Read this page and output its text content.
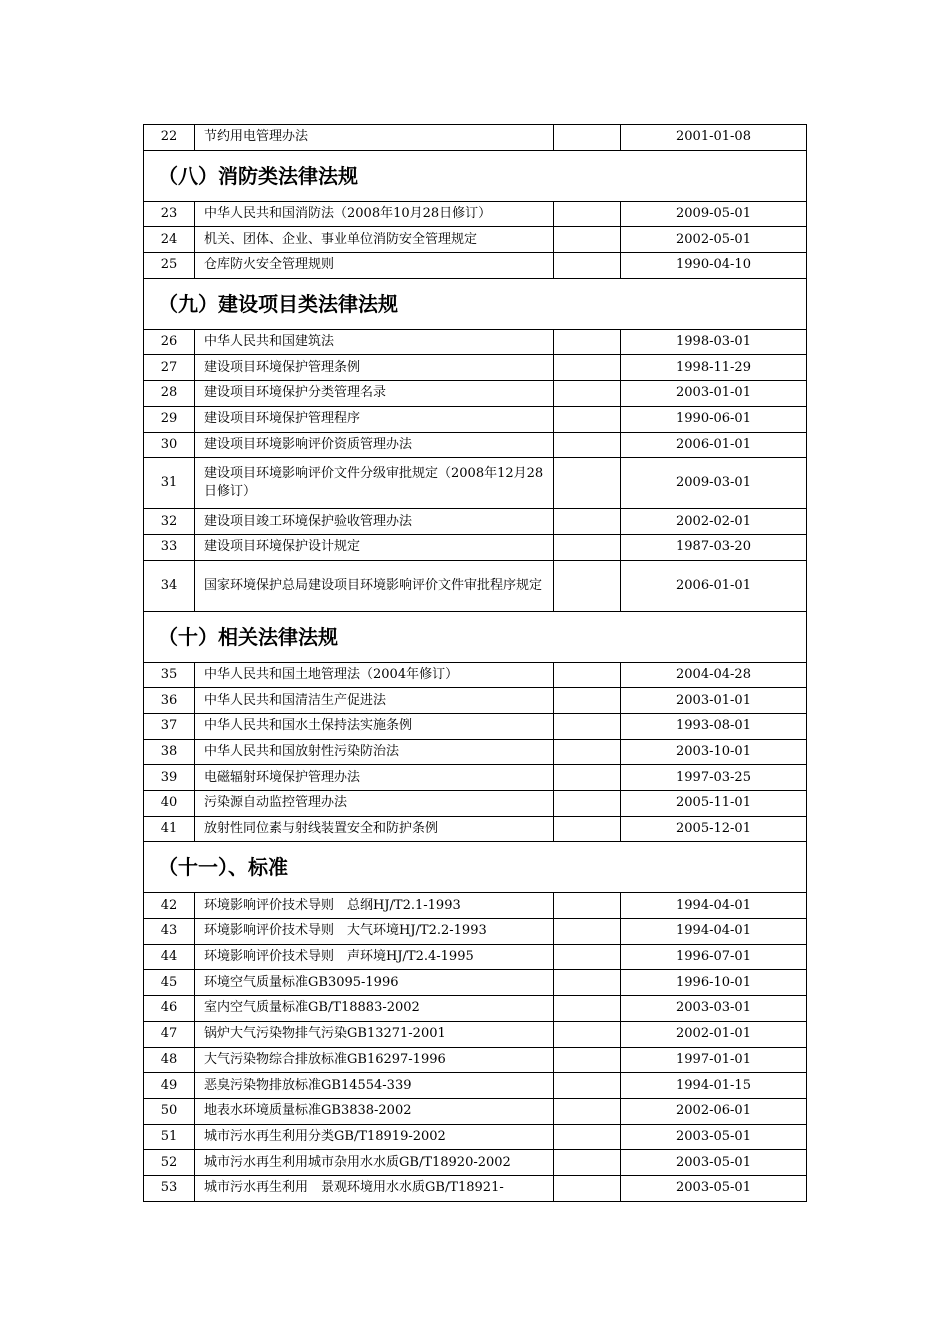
22	节约用电管理办法		2001-01-08
（八）消防类法律法规			
23	中华人民共和国消防法（2008年10月28日修订）		2009-05-01
24	机关、团体、企业、事业单位消防安全管理规定		2002-05-01
25	仓库防火安全管理规则		1990-04-10
（九）建设项目类法律法规			
26	中华人民共和国建筑法		1998-03-01
27	建设项目环境保护管理条例		1998-11-29
28	建设项目环境保护分类管理名录		2003-01-01
29	建设项目环境保护管理程序		1990-06-01
30	建设项目环境影响评价资质管理办法		2006-01-01
31	建设项目环境影响评价文件分级审批规定（2008年12月28日修订）		2009-03-01
32	建设项目竣工环境保护验收管理办法		2002-02-01
33	建设项目环境保护设计规定		1987-03-20
34	国家环境保护总局建设项目环境影响评价文件审批程序规定		2006-01-01
（十）相关法律法规			
35	中华人民共和国土地管理法（2004年修订）		2004-04-28
36	中华人民共和国清洁生产促进法		2003-01-01
37	中华人民共和国水土保持法实施条例		1993-08-01
38	中华人民共和国放射性污染防治法		2003-10-01
39	电磁辐射环境保护管理办法		1997-03-25
40	污染源自动监控管理办法		2005-11-01
41	放射性同位素与射线装置安全和防护条例		2005-12-01
（十一）、标准			
42	环境影响评价技术导则　总纲HJ/T2.1-1993		1994-04-01
43	环境影响评价技术导则　大气环境HJ/T2.2-1993		1994-04-01
44	环境影响评价技术导则　声环境HJ/T2.4-1995		1996-07-01
45	环境空气质量标准GB3095-1996		1996-10-01
46	室内空气质量标准GB/T18883-2002		2003-03-01
47	锅炉大气污染物排气污染GB13271-2001		2002-01-01
48	大气污染物综合排放标准GB16297-1996		1997-01-01
49	恶臭污染物排放标准GB14554-339		1994-01-15
50	地表水环境质量标准GB3838-2002		2002-06-01
51	城市污水再生利用分类GB/T18919-2002		2003-05-01
52	城市污水再生利用城市杂用水水质GB/T18920-2002		2003-05-01
53	城市污水再生利用　景观环境用水水质GB/T18921-		2003-05-01
